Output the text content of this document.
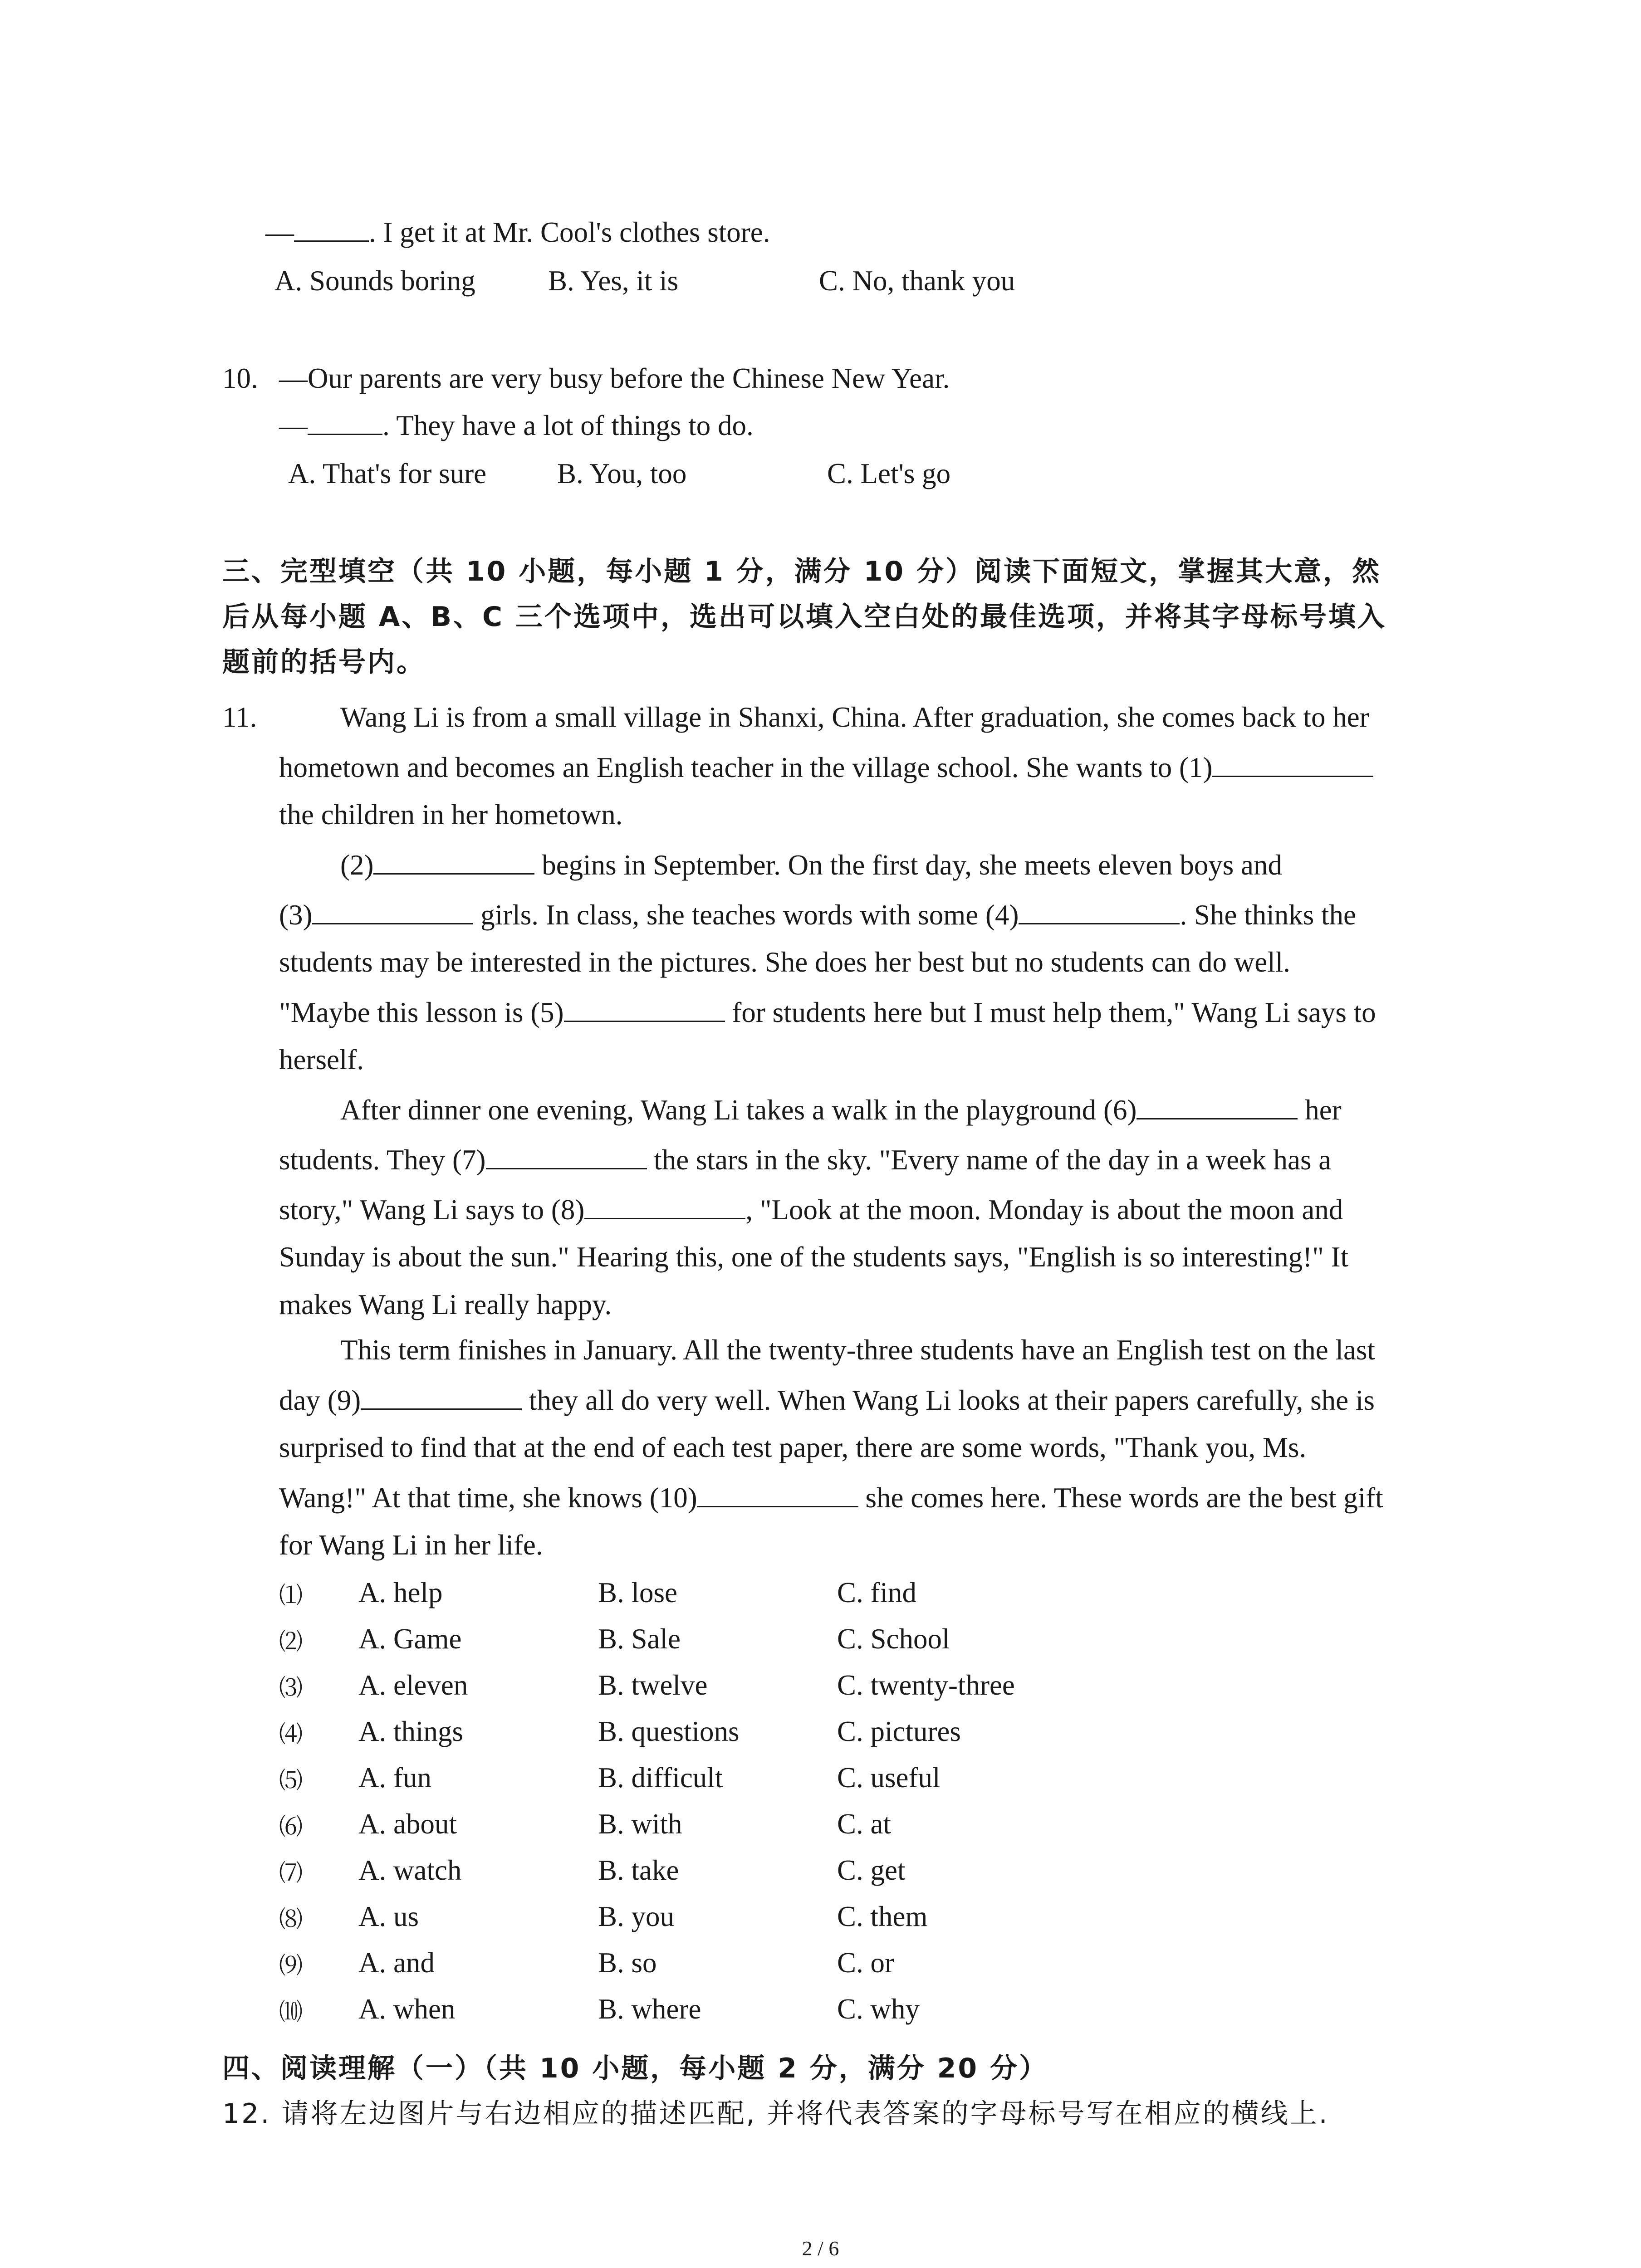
—	. I get it at Mr. Cool's clothes store.
A. Sounds boring	B. Yes, it is	C. No, thank you
10. —Our parents are very busy before the Chinese New Year.
—	. They have a lot of things to do.
A. That's for sure B. You, too	C. Let's go
三、完型填空（共 10 小题，每小题 1 分，满分 10 分）阅读下面短文，掌握其大意，然
后从每小题 A、B、C 三个选项中，选出可以填入空白处的最佳选项，并将其字母标号填入
题前的括号内。
11.	Wang Li is from a small village in Shanxi, China. After graduation, she comes back to her
hometown and becomes an English teacher in the village school. She wants to (1)
the children in her hometown.
(2)	begins in September. On the first day, she meets eleven boys and
(3)	girls. In class, she teaches words with some (4)	. She thinks the
students may be interested in the pictures. She does her best but no students can do well.
"Maybe this lesson is (5)	for students here but I must help them," Wang Li says to
herself.
After dinner one evening, Wang Li takes a walk in the playground (6)	her
students. They (7)	the stars in the sky. "Every name of the day in a week has a
story," Wang Li says to (8)	, "Look at the moon. Monday is about the moon and
Sunday is about the sun." Hearing this, one of the students says, "English is so interesting!" It
makes Wang Li really happy.
This term finishes in January. All the twenty-three students have an English test on the last
day (9)	they all do very well. When Wang Li looks at their papers carefully, she is
surprised to find that at the end of each test paper, there are some words, "Thank you, Ms.
Wang!" At that time, she knows (10)	she comes here. These words are the best gift
for Wang Li in her life.
⑴ A. help	B. lose	C. find
⑵ A. Game	B. Sale	C. School
⑶ A. eleven	B. twelve	C. twenty-three
⑷ A. things	B. questions	C. pictures
⑸ A. fun	B. difficult	C. useful
⑹ A. about	B. with	C. at
⑺ A. watch	B. take	C. get
⑻ A. us	B. you	C. them
⑼ A. and	B. so	C. or
⑽ A. when	B. where	C. why
四、阅读理解（一）（共 10 小题，每小题 2 分，满分 20 分）
12. 请将左边图片与右边相应的描述匹配, 并将代表答案的字母标号写在相应的横线上.
2 / 6
